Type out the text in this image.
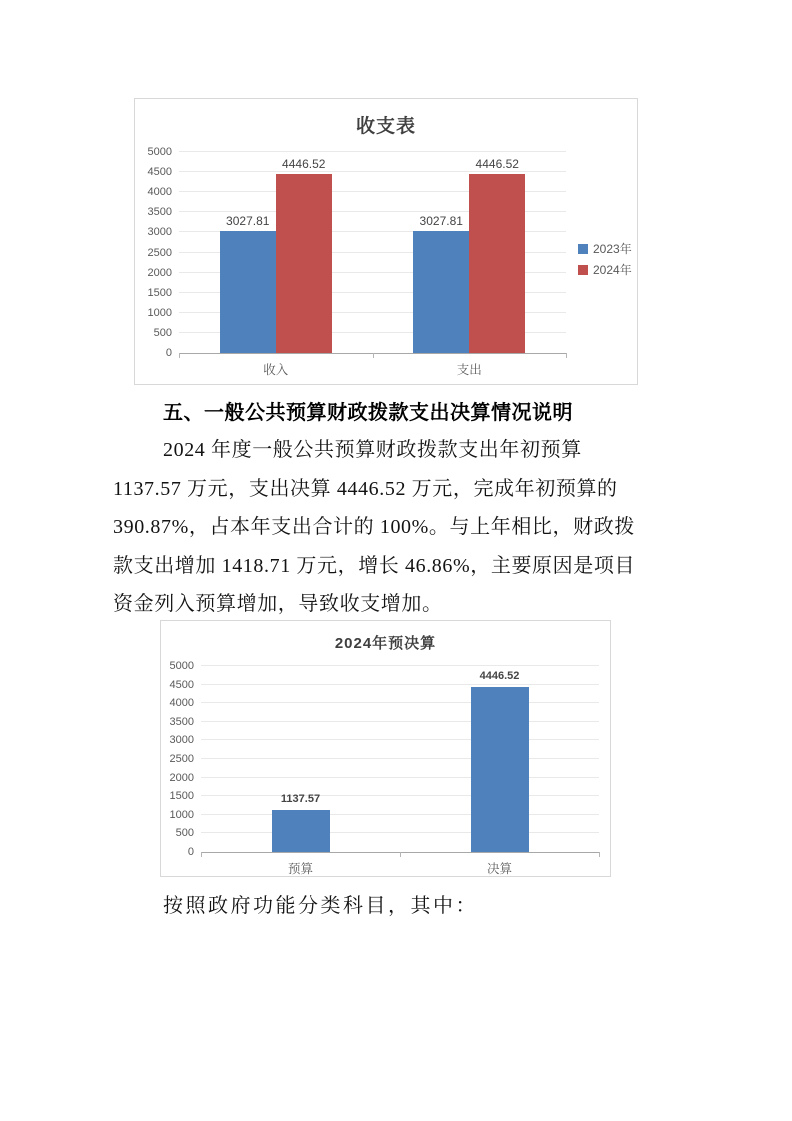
收支表
0
500
1000
1500
2000
2500
3000
3500
4000
4500
5000
3027.81
4446.52
3027.81
4446.52
收入	支出
2023年
2024年
五、一般公共预算财政拨款支出决算情况说明
2024 年度一般公共预算财政拨款支出年初预算
1137.57 万元，支出决算 4446.52 万元，完成年初预算的
390.87%，占本年支出合计的 100%。与上年相比，财政拨
款支出增加 1418.71 万元，增长 46.86%，主要原因是项目
资金列入预算增加，导致收支增加。
2024年预决算
0
500
1000
1500
2000
2500
3000
3500
4000
4500
5000
1137.57
4446.52
预算	决算
按照政府功能分类科目，其中：
